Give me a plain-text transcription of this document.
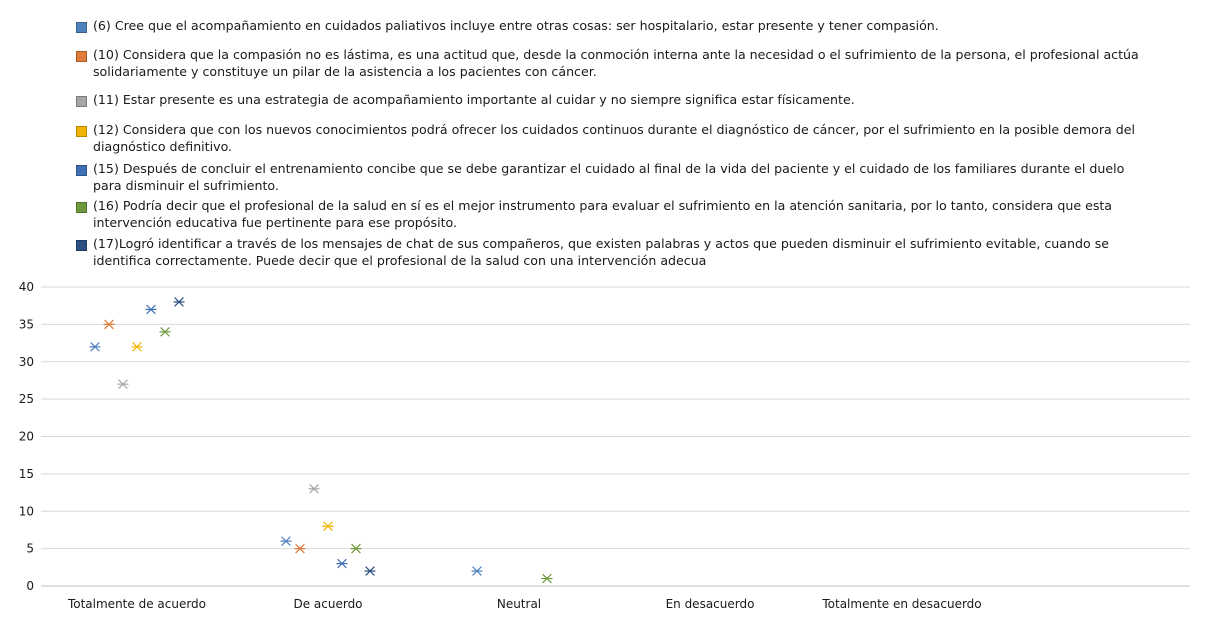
(6) Cree que el acompañamiento en cuidados paliativos incluye entre otras cosas: ser hospitalario, estar presente y tener compasión.
(10) Considera que la compasión no es lástima, es una actitud que, desde la conmoción interna ante la necesidad o el sufrimiento de la persona, el profesional actúa solidariamente y constituye un pilar de la asistencia a los pacientes con cáncer.
(11) Estar presente es una estrategia de acompañamiento importante al cuidar y no siempre significa estar físicamente.
(12) Considera que con los nuevos conocimientos podrá ofrecer los cuidados continuos durante el diagnóstico de cáncer, por el sufrimiento en la posible demora del diagnóstico definitivo.
(15) Después de concluir el entrenamiento concibe que se debe garantizar el cuidado al final de la vida del paciente y el cuidado de los familiares durante el duelo para disminuir el sufrimiento.
(16) Podría decir que el profesional de la salud en sí es el mejor instrumento para evaluar el sufrimiento en la atención sanitaria, por lo tanto, considera que esta intervención educativa fue pertinente para ese propósito.
(17)Logró identificar a través de los mensajes de chat de sus compañeros, que existen palabras y actos que pueden disminuir el sufrimiento evitable, cuando se identifica correctamente. Puede decir que el profesional de la salud con una intervención adecua
0
5
10
15
20
25
30
35
40
Totalmente de acuerdo	De acuerdo	Neutral	En desacuerdo	Totalmente en desacuerdo
